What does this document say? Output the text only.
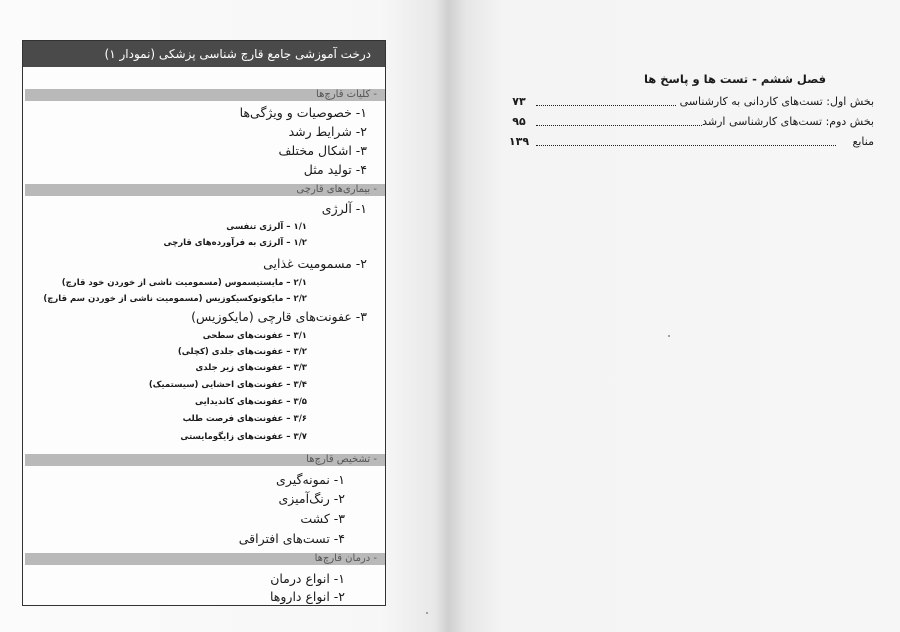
درخت آموزشی جامع قارچ شناسی پزشکی (نمودار ۱)
- کلیات قارچ‌ها
۱- خصوصیات و ویژگی‌ها
۲- شرایط رشد
۳- اشکال مختلف
۴- تولید مثل
- بیماری‌های قارچی
۱- آلرژی
۱/۱ – آلرژی تنفسی
۱/۲ – آلرژی به فرآورده‌های قارچی
۲- مسمومیت غذایی
۲/۱ – مایستیسموس (مسمومیت ناشی از خوردن خود قارچ)
۲/۲ – مایکوتوکسیکوزیس (مسمومیت ناشی از خوردن سم قارچ)
۳- عفونت‌های قارچی (مایکوزیس)
۳/۱ – عفونت‌های سطحی
۳/۲ – عفونت‌های جلدی (کچلی)
۳/۳ – عفونت‌های زیر جلدی
۳/۴ – عفونت‌های احشایی (سیستمیک)
۳/۵ – عفونت‌های کاندیدایی
۳/۶ – عفونت‌های فرصت طلب
۳/۷ – عفونت‌های زایگومایستی
- تشخیص قارچ‌ها
۱- نمونه‌گیری
۲- رنگ‌آمیزی
۳- کشت
۴- تست‌های افتراقی
- درمان قارچ‌ها
۱- انواع درمان
۲- انواع داروها
فصل ششم - تست ها و پاسخ ها
بخش اول: تست‌های کاردانی به کارشناسی
۷۳
بخش دوم: تست‌های کارشناسی ارشد
۹۵
منابع
۱۳۹
